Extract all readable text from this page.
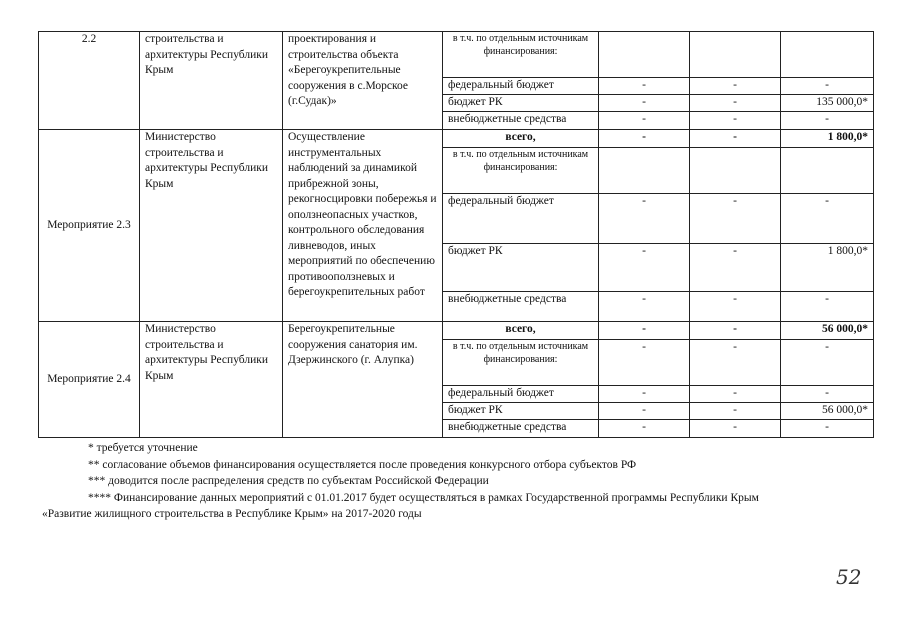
2.2	строительства и архитектуры Республики Крым	проектирования и строительства объекта «Берегоукрепительные сооружения в с.Морское (г.Судак)»	в т.ч. по отдельным источникам финансирования:			
			федеральный бюджет	-	-	-
			бюджет РК	-	-	135 000,0*
			внебюджетные средства	-	-	-
Мероприятие 2.3	Министерство строительства и архитектуры Республики Крым	Осуществление инструментальных наблюдений за динамикой прибрежной зоны, рекогносцировки побережья и оползнеопасных участков, контрольного обследования ливневодов, иных мероприятий по обеспечению противооползневых и берегоукрепительных работ	всего,	-	-	1 800,0*
			в т.ч. по отдельным источникам финансирования:			
			федеральный бюджет	-	-	-
			бюджет РК	-	-	1 800,0*
			внебюджетные средства	-	-	-
Мероприятие 2.4	Министерство строительства и архитектуры Республики Крым	Берегоукрепительные сооружения санатория им. Дзержинского (г. Алупка)	всего,	-	-	56 000,0*
			в т.ч. по отдельным источникам финансирования:	-	-	-
			федеральный бюджет	-	-	-
			бюджет РК	-	-	56 000,0*
			внебюджетные средства	-	-	-

* требуется уточнение

** согласование объемов финансирования осуществляется после проведения конкурсного отбора субъектов РФ

*** доводится после распределения средств по субъектам Российской Федерации

**** Финансирование данных мероприятий с 01.01.2017 будет осуществляться в рамках Государственной программы Республики Крым

«Развитие жилищного строительства в Республике Крым» на 2017-2020 годы

52
